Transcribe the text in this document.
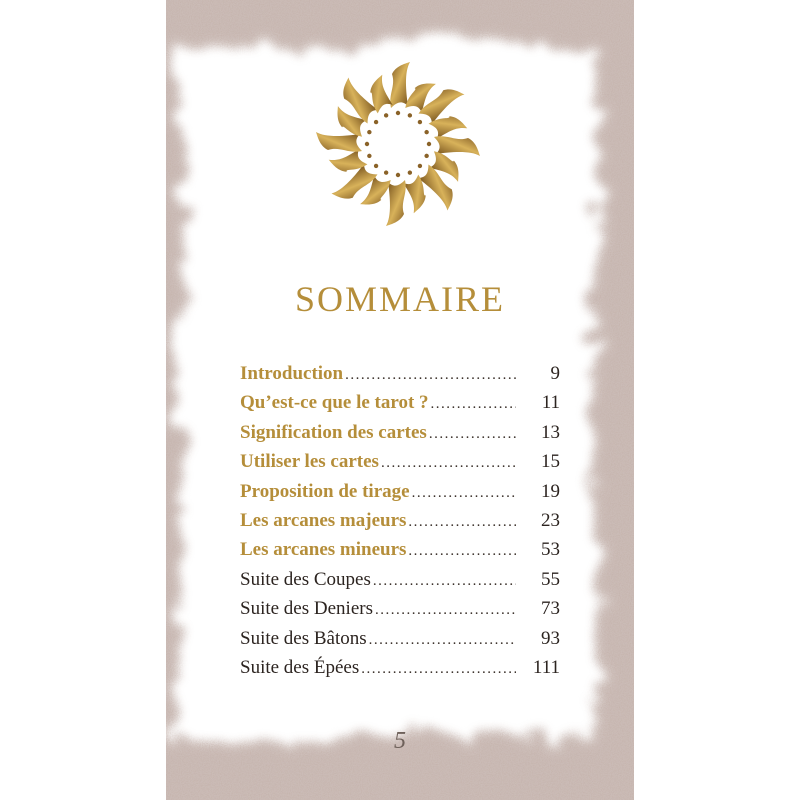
SOMMAIRE
Introduction .....	9
Qu’est-ce que le tarot ? .....	11
Signification des cartes .....	13
Utiliser les cartes .....	15
Proposition de tirage .....	19
Les arcanes majeurs .....	23
Les arcanes mineurs .....	53
Suite des Coupes .....	55
Suite des Deniers .....	73
Suite des Bâtons .....	93
Suite des Épées .....	111
5
